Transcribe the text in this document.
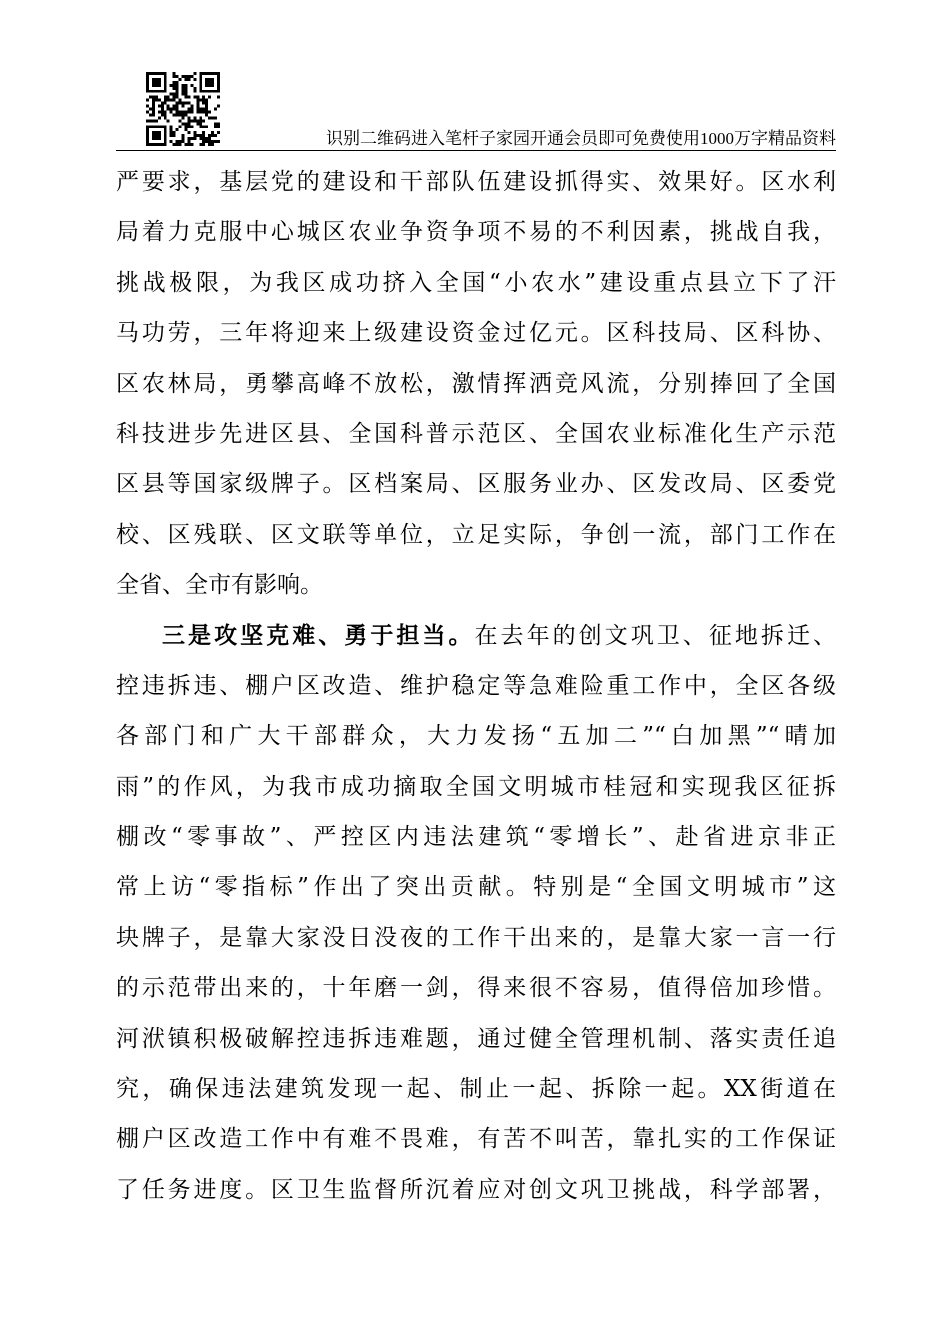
识别二维码进入笔杆子家园开通会员即可免费使用1000万字精品资料
严要求，基层党的建设和干部队伍建设抓得实、效果好。区水利
局着力克服中心城区农业争资争项不易的不利因素，挑战自我，
挑战极限，为我区成功挤入全国“小农水”建设重点县立下了汗
马功劳，三年将迎来上级建设资金过亿元。区科技局、区科协、
区农林局，勇攀高峰不放松，激情挥洒竞风流，分别捧回了全国
科技进步先进区县、全国科普示范区、全国农业标准化生产示范
区县等国家级牌子。区档案局、区服务业办、区发改局、区委党
校、区残联、区文联等单位，立足实际，争创一流，部门工作在
全省、全市有影响。
三是攻坚克难、勇于担当。在去年的创文巩卫、征地拆迁、
控违拆违、棚户区改造、维护稳定等急难险重工作中，全区各级
各部门和广大干部群众，大力发扬“五加二”“白加黑”“晴加
雨”的作风，为我市成功摘取全国文明城市桂冠和实现我区征拆
棚改“零事故”、严控区内违法建筑“零增长”、赴省进京非正
常上访“零指标”作出了突出贡献。特别是“全国文明城市”这
块牌子，是靠大家没日没夜的工作干出来的，是靠大家一言一行
的示范带出来的，十年磨一剑，得来很不容易，值得倍加珍惜。
河洑镇积极破解控违拆违难题，通过健全管理机制、落实责任追
究，确保违法建筑发现一起、制止一起、拆除一起。XX街道在
棚户区改造工作中有难不畏难，有苦不叫苦，靠扎实的工作保证
了任务进度。区卫生监督所沉着应对创文巩卫挑战，科学部署，
